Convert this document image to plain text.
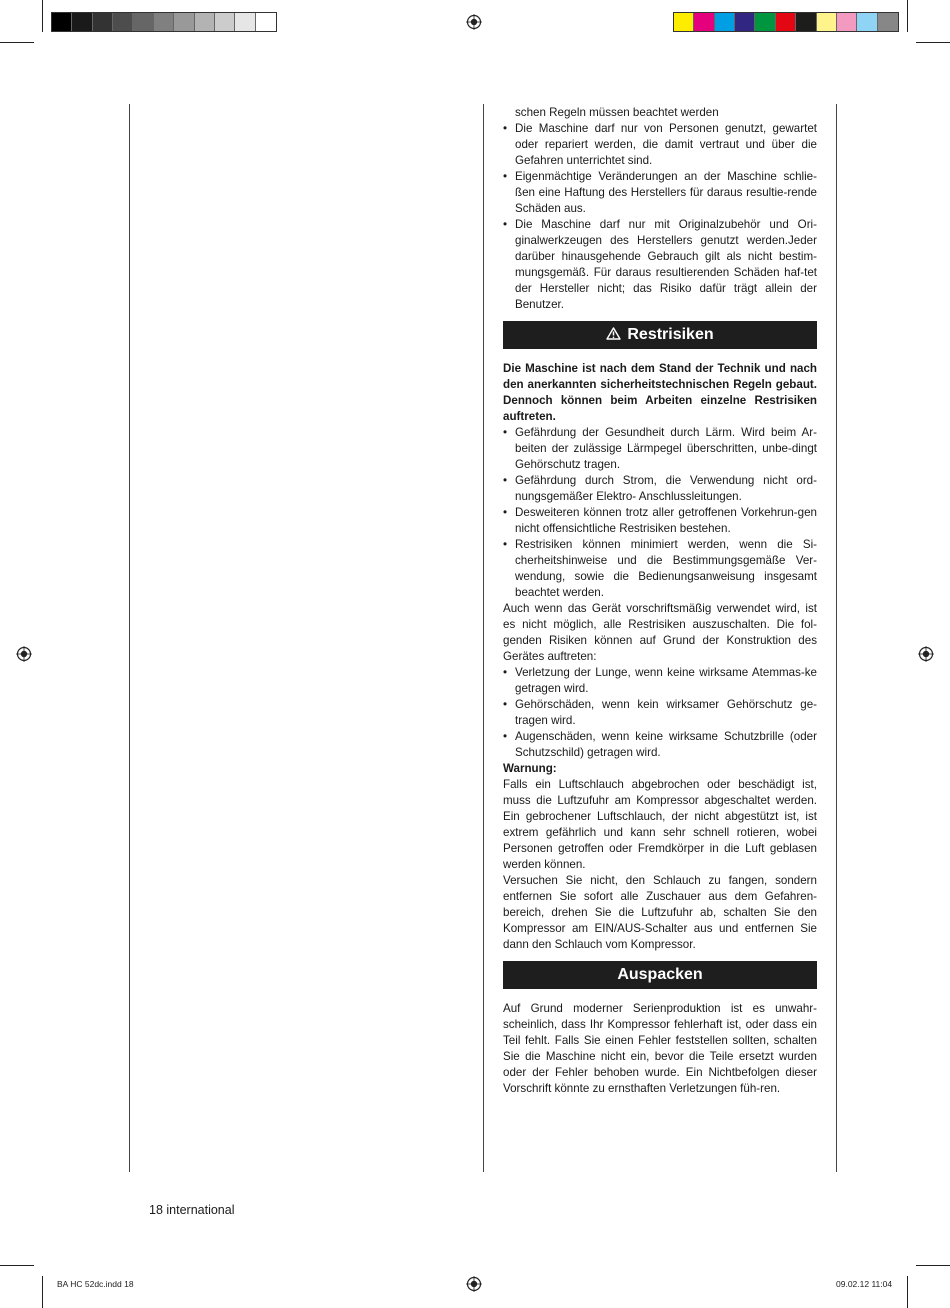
schen Regeln müssen beachtet werden

• Die Maschine darf nur von Personen genutzt, gewartet oder repariert werden, die damit vertraut und über die Gefahren unterrichtet sind.
• Eigenmächtige Veränderungen an der Maschine schlie-ßen eine Haftung des Herstellers für daraus resultie-rende Schäden aus.
• Die Maschine darf nur mit Originalzubehör und Ori-ginalwerkzeugen des Herstellers genutzt werden.Jeder darüber hinausgehende Gebrauch gilt als nicht bestim-mungsgemäß. Für daraus resultierenden Schäden haf-tet der Hersteller nicht; das Risiko dafür trägt allein der Benutzer.
Restrisiken

Die Maschine ist nach dem Stand der Technik und nach den anerkannten sicherheitstechnischen Regeln gebaut. Dennoch können beim Arbeiten einzelne Restrisiken auftreten.

• Gefährdung der Gesundheit durch Lärm. Wird beim Ar-beiten der zulässige Lärmpegel überschritten, unbe-dingt Gehörschutz tragen.
• Gefährdung durch Strom, die Verwendung nicht ord-nungsgemäßer Elektro- Anschlussleitungen.
• Desweiteren können trotz aller getroffenen Vorkehrun-gen nicht offensichtliche Restrisiken bestehen.
• Restrisiken können minimiert werden, wenn die Si-cherheitshinweise und die Bestimmungsgemäße Ver-wendung, sowie die Bedienungsanweisung insgesamt beachtet werden.

Auch wenn das Gerät vorschriftsmäßig verwendet wird, ist es nicht möglich, alle Restrisiken auszuschalten. Die fol-genden Risiken können auf Grund der Konstruktion des Gerätes auftreten:

• Verletzung der Lunge, wenn keine wirksame Atemmas-ke getragen wird.
• Gehörschäden, wenn kein wirksamer Gehörschutz ge-tragen wird.
• Augenschäden, wenn keine wirksame Schutzbrille (oder Schutzschild) getragen wird.

Warnung:

Falls ein Luftschlauch abgebrochen oder beschädigt ist, muss die Luftzufuhr am Kompressor abgeschaltet werden. Ein gebrochener Luftschlauch, der nicht abgestützt ist, ist extrem gefährlich und kann sehr schnell rotieren, wobei Personen getroffen oder Fremdkörper in die Luft geblasen werden können.

Versuchen Sie nicht, den Schlauch zu fangen, sondern entfernen Sie sofort alle Zuschauer aus dem Gefahren-bereich, drehen Sie die Luftzufuhr ab, schalten Sie den Kompressor am EIN/AUS-Schalter aus und entfernen Sie dann den Schlauch vom Kompressor.

Auspacken

Auf Grund moderner Serienproduktion ist es unwahr-scheinlich, dass Ihr Kompressor fehlerhaft ist, oder dass ein Teil fehlt. Falls Sie einen Fehler feststellen sollten, schalten Sie die Maschine nicht ein, bevor die Teile ersetzt wurden oder der Fehler behoben wurde. Ein Nichtbefolgen dieser Vorschrift könnte zu ernsthaften Verletzungen füh-ren.

18 international
BA HC 52dc.indd 18	09.02.12 11:04
